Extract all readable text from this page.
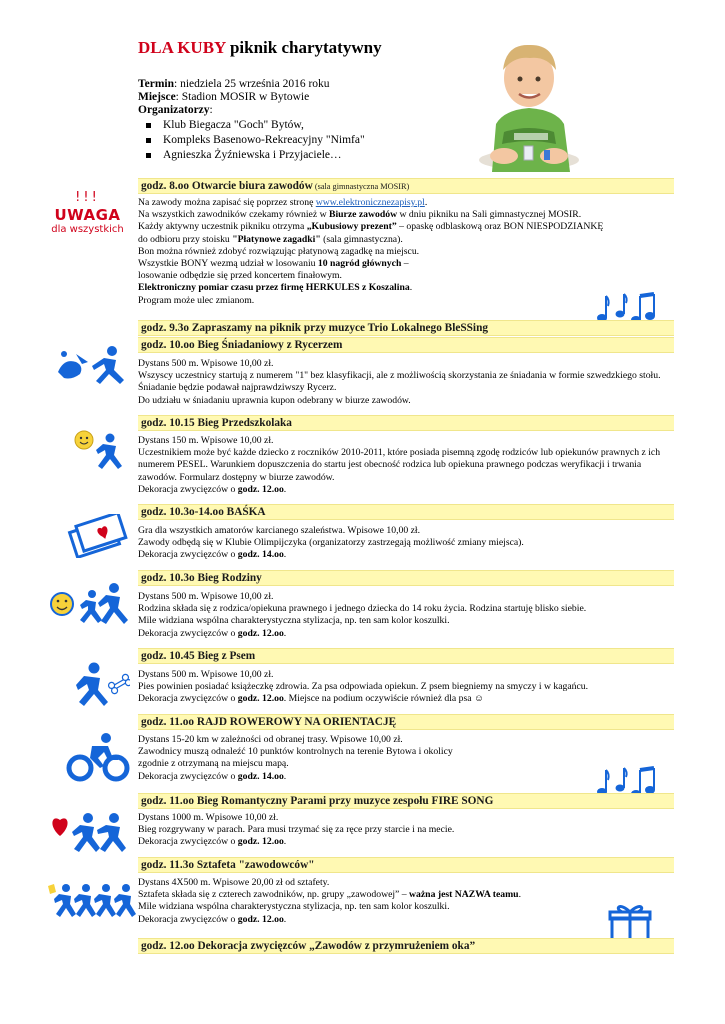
DLA KUBY piknik charytatywny
Termin: niedziela 25 września 2016 roku
Miejsce: Stadion MOSIR w Bytowie
Organizatorzy:
Klub Biegacza "Goch" Bytów,
Kompleks Basenowo-Rekreacyjny "Nimfa"
Agnieszka Żyźniewska i Przyjaciele…
!!!
UWAGA
dla wszystkich
godz. 8.oo Otwarcie biura zawodów (sala gimnastyczna MOSIR)
Na zawody można zapisać się poprzez stronę www.elektronicznezapisy.pl.
Na wszystkich zawodników czekamy również w Biurze zawodów w dniu pikniku na Sali gimnastycznej MOSIR.
Każdy aktywny uczestnik pikniku otrzyma „Kubusiowy prezent” – opaskę odblaskową oraz BON NIESPODZIANKĘ
do odbioru przy stoisku "Płatynowe zagadki" (sala gimnastyczna).
Bon można również zdobyć rozwiązując płatynową zagadkę na miejscu.
Wszystkie BONY wezmą udział w losowaniu 10 nagród głównych –
losowanie odbędzie się przed koncertem finałowym.
Elektroniczny pomiar czasu przez firmę HERKULES z Koszalina.
Program może ulec zmianom.
godz. 9.3o Zapraszamy na piknik przy muzyce Trio Lokalnego BleSSing
godz. 10.oo Bieg Śniadaniowy z Rycerzem
Dystans 500 m. Wpisowe 10,00 zł.
Wszyscy uczestnicy startują z numerem "1" bez klasyfikacji, ale z możliwością skorzystania ze śniadania w formie szwedzkiego stołu. Śniadanie będzie podawał najprawdziwszy Rycerz.
Do udziału w śniadaniu uprawnia kupon odebrany w biurze zawodów.
godz. 10.15 Bieg Przedszkolaka
Dystans 150 m. Wpisowe 10,00 zł.
Uczestnikiem może być każde dziecko z roczników 2010-2011, które posiada pisemną zgodę rodziców lub opiekunów prawnych z ich numerem PESEL. Warunkiem dopuszczenia do startu jest obecność rodzica lub opiekuna prawnego podczas weryfikacji i trwania zawodów. Formularz dostępny w biurze zawodów.
Dekoracja zwycięzców o godz. 12.oo.
godz. 10.3o-14.oo BAŚKA
Gra dla wszystkich amatorów karcianego szaleństwa. Wpisowe 10,00 zł.
Zawody odbędą się w Klubie Olimpijczyka (organizatorzy zastrzegają możliwość zmiany miejsca).
Dekoracja zwycięzców o godz. 14.oo.
godz. 10.3o Bieg Rodziny
Dystans 500 m. Wpisowe 10,00 zł.
Rodzina składa się z rodzica/opiekuna prawnego i jednego dziecka do 14 roku życia. Rodzina startuję blisko siebie.
Mile widziana wspólna charakterystyczna stylizacja, np. ten sam kolor koszulki.
Dekoracja zwycięzców o godz. 12.oo.
godz. 10.45 Bieg z Psem
Dystans 500 m. Wpisowe 10,00 zł.
Pies powinien posiadać książeczkę zdrowia. Za psa odpowiada opiekun. Z psem biegniemy na smyczy i w kagańcu.
Dekoracja zwycięzców o godz. 12.oo. Miejsce na podium oczywiście również dla psa ☺
godz. 11.oo RAJD ROWEROWY NA ORIENTACJĘ
Dystans 15-20 km w zależności od obranej trasy. Wpisowe 10,00 zł.
Zawodnicy muszą odnaleźć 10 punktów kontrolnych na terenie Bytowa i okolicy
zgodnie z otrzymaną na miejscu mapą.
Dekoracja zwycięzców o godz. 14.oo.
godz. 11.oo Bieg Romantyczny Parami przy muzyce zespołu FIRE SONG
Dystans 1000 m. Wpisowe 10,00 zł.
Bieg rozgrywany w parach. Para musi trzymać się za ręce przy starcie i na mecie.
Dekoracja zwycięzców o godz. 12.oo.
godz. 11.3o Sztafeta "zawodowców"
Dystans 4X500 m. Wpisowe 20,00 zł od sztafety.
Sztafeta składa się z czterech zawodników, np. grupy „zawodowej” – ważna jest NAZWA teamu.
Mile widziana wspólna charakterystyczna stylizacja, np. ten sam kolor koszulki.
Dekoracja zwycięzców o godz. 12.oo.
godz. 12.oo Dekoracja zwycięzców „Zawodów z przymrużeniem oka”
